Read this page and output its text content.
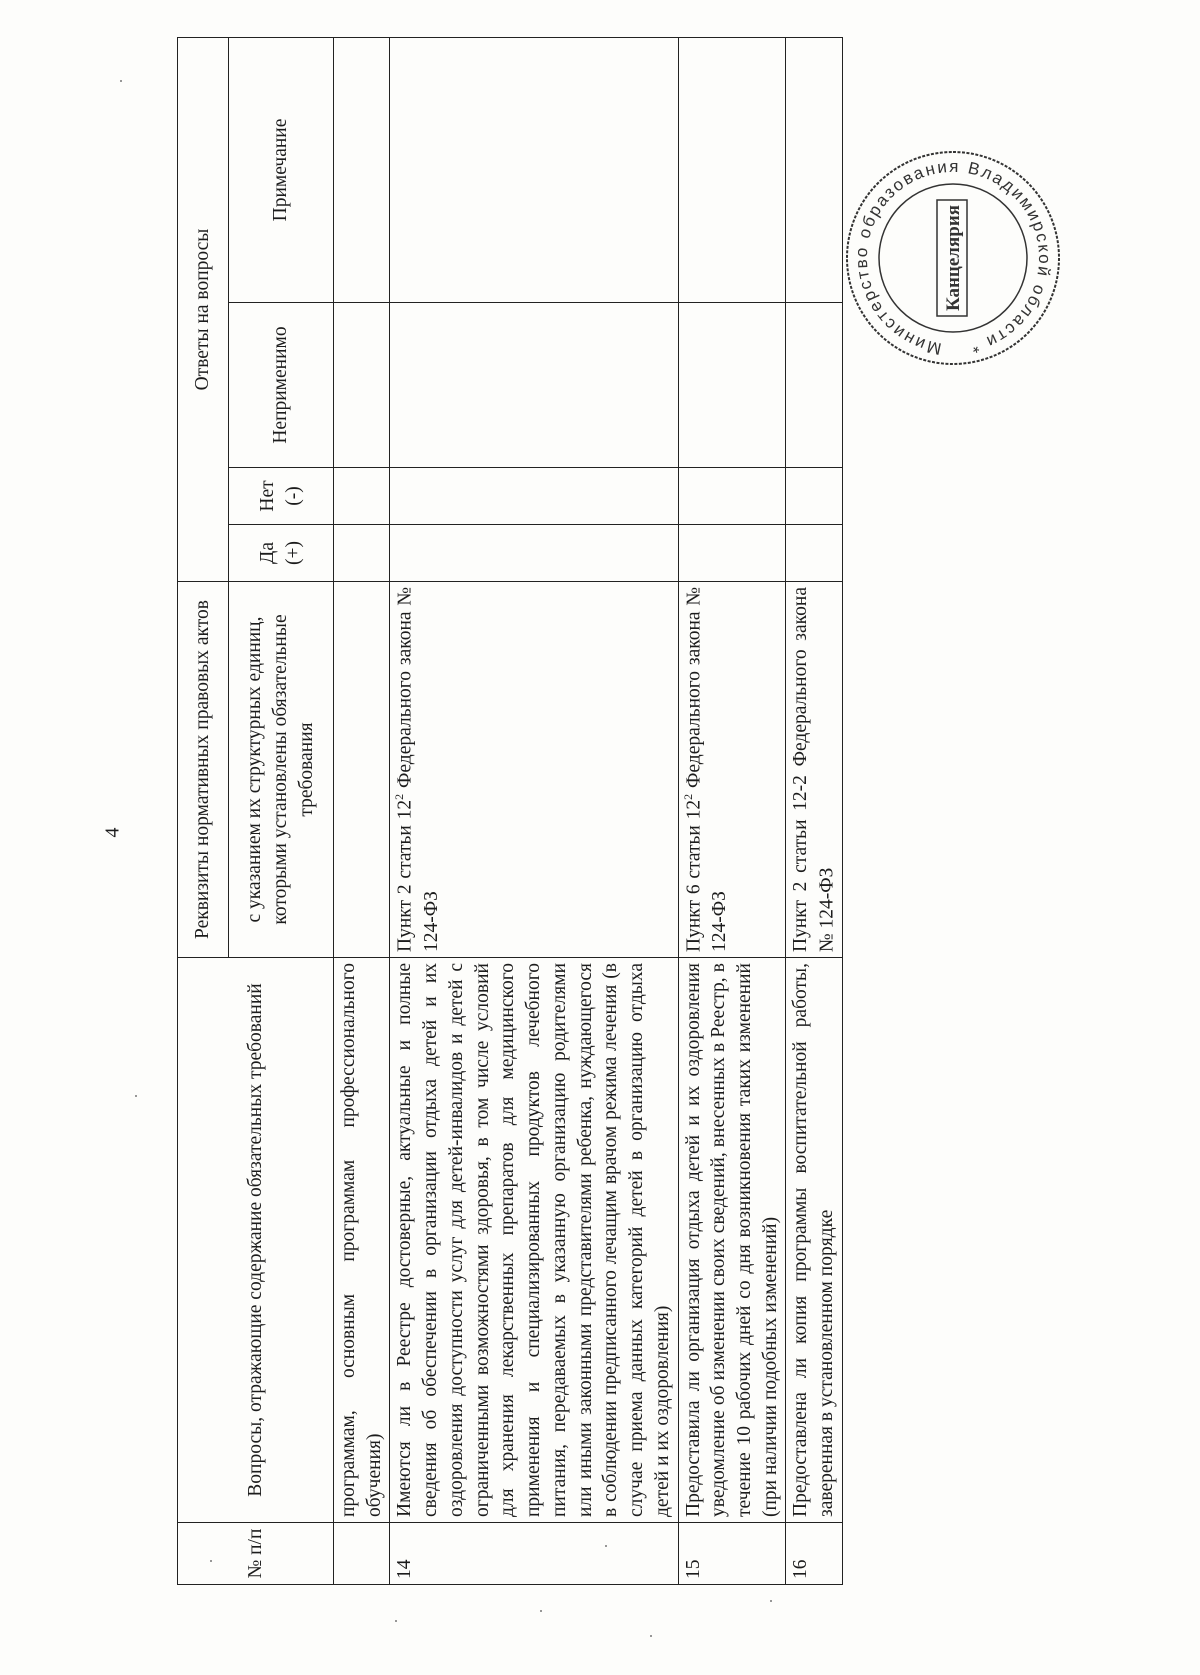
4
№ п/п	Вопросы, отражающие содержание обязательных требований	Реквизиты нормативных правовых актов	Ответы на вопросы			
		с указанием их структурных единиц, которыми установлены обязательные требования	Да (+)	Нет (-)	Неприменимо	Примечание
	программам, основным программам профессионального обучения)					
14	Имеются ли в Реестре достоверные, актуальные и полные сведения об обеспечении в организации отдыха детей и их оздоровления доступности услуг для детей-инвалидов и детей с ограниченными возможностями здоровья, в том числе условий для хранения лекарственных препаратов для медицинского применения и специализированных продуктов лечебного питания, передаваемых в указанную организацию родителями или иными законными представителями ребенка, нуждающегося в соблюдении предписанного лечащим врачом режима лечения (в случае приема данных категорий детей в организацию отдыха детей и их оздоровления)	Пункт 2 статьи $12^2$ Федерального закона № 124-ФЗ				
15	Предоставила ли организация отдыха детей и их оздоровления уведомление об изменении своих сведений, внесенных в Реестр, в течение 10 рабочих дней со дня возникновения таких изменений (при наличии подобных изменений)	Пункт 6 статьи $12^2$ Федерального закона № 124-ФЗ				
16	Предоставлена ли копия программы воспитательной работы, заверенная в установленном порядке	Пункт 2 статьи 12-2 Федерального закона № 124-ФЗ				
Министерство образования Владимирской области *
Канцелярия
